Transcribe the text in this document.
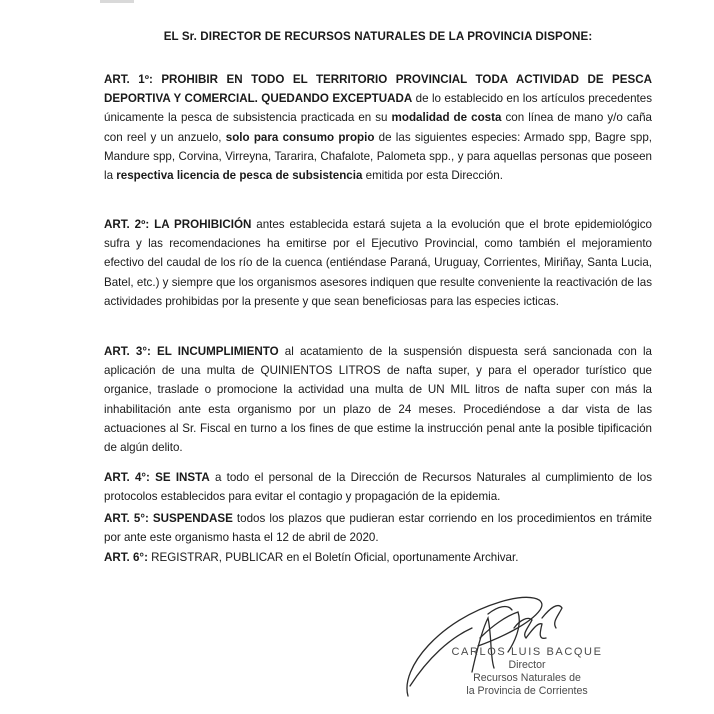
EL Sr. DIRECTOR DE RECURSOS NATURALES DE LA PROVINCIA DISPONE:
ART. 1º: PROHIBIR EN TODO EL TERRITORIO PROVINCIAL TODA ACTIVIDAD DE PESCA DEPORTIVA Y COMERCIAL. QUEDANDO EXCEPTUADA de lo establecido en los artículos precedentes únicamente la pesca de subsistencia practicada en su modalidad de costa con línea de mano y/o caña con reel y un anzuelo, solo para consumo propio de las siguientes especies: Armado spp, Bagre spp, Mandure spp, Corvina, Virreyna, Tararira, Chafalote, Palometa spp., y para aquellas personas que poseen la respectiva licencia de pesca de subsistencia emitida por esta Dirección.
ART. 2º: LA PROHIBICIÓN antes establecida estará sujeta a la evolución que el brote epidemiológico sufra y las recomendaciones ha emitirse por el Ejecutivo Provincial, como también el mejoramiento efectivo del caudal de los río de la cuenca (entiéndase Paraná, Uruguay, Corrientes, Miriñay, Santa Lucia, Batel, etc.) y siempre que los organismos asesores indiquen que resulte conveniente la reactivación de las actividades prohibidas por la presente y que sean beneficiosas para las especies icticas.
ART. 3°: EL INCUMPLIMIENTO al acatamiento de la suspensión dispuesta será sancionada con la aplicación de una multa de QUINIENTOS LITROS de nafta super, y para el operador turístico que organice, traslade o promocione la actividad una multa de UN MIL litros de nafta super con más la inhabilitación ante esta organismo por un plazo de 24 meses. Procediéndose a dar vista de las actuaciones al Sr. Fiscal en turno a los fines de que estime la instrucción penal ante la posible tipificación de algún delito.
ART. 4°: SE INSTA a todo el personal de la Dirección de Recursos Naturales al cumplimiento de los protocolos establecidos para evitar el contagio y propagación de la epidemia.
ART. 5°: SUSPENDASE todos los plazos que pudieran estar corriendo en los procedimientos en trámite por ante este organismo hasta el 12 de abril de 2020.
ART. 6°: REGISTRAR, PUBLICAR en el Boletín Oficial, oportunamente Archivar.
CARLOS LUIS BACQUE
Director
Recursos Naturales de
la Provincia de Corrientes
